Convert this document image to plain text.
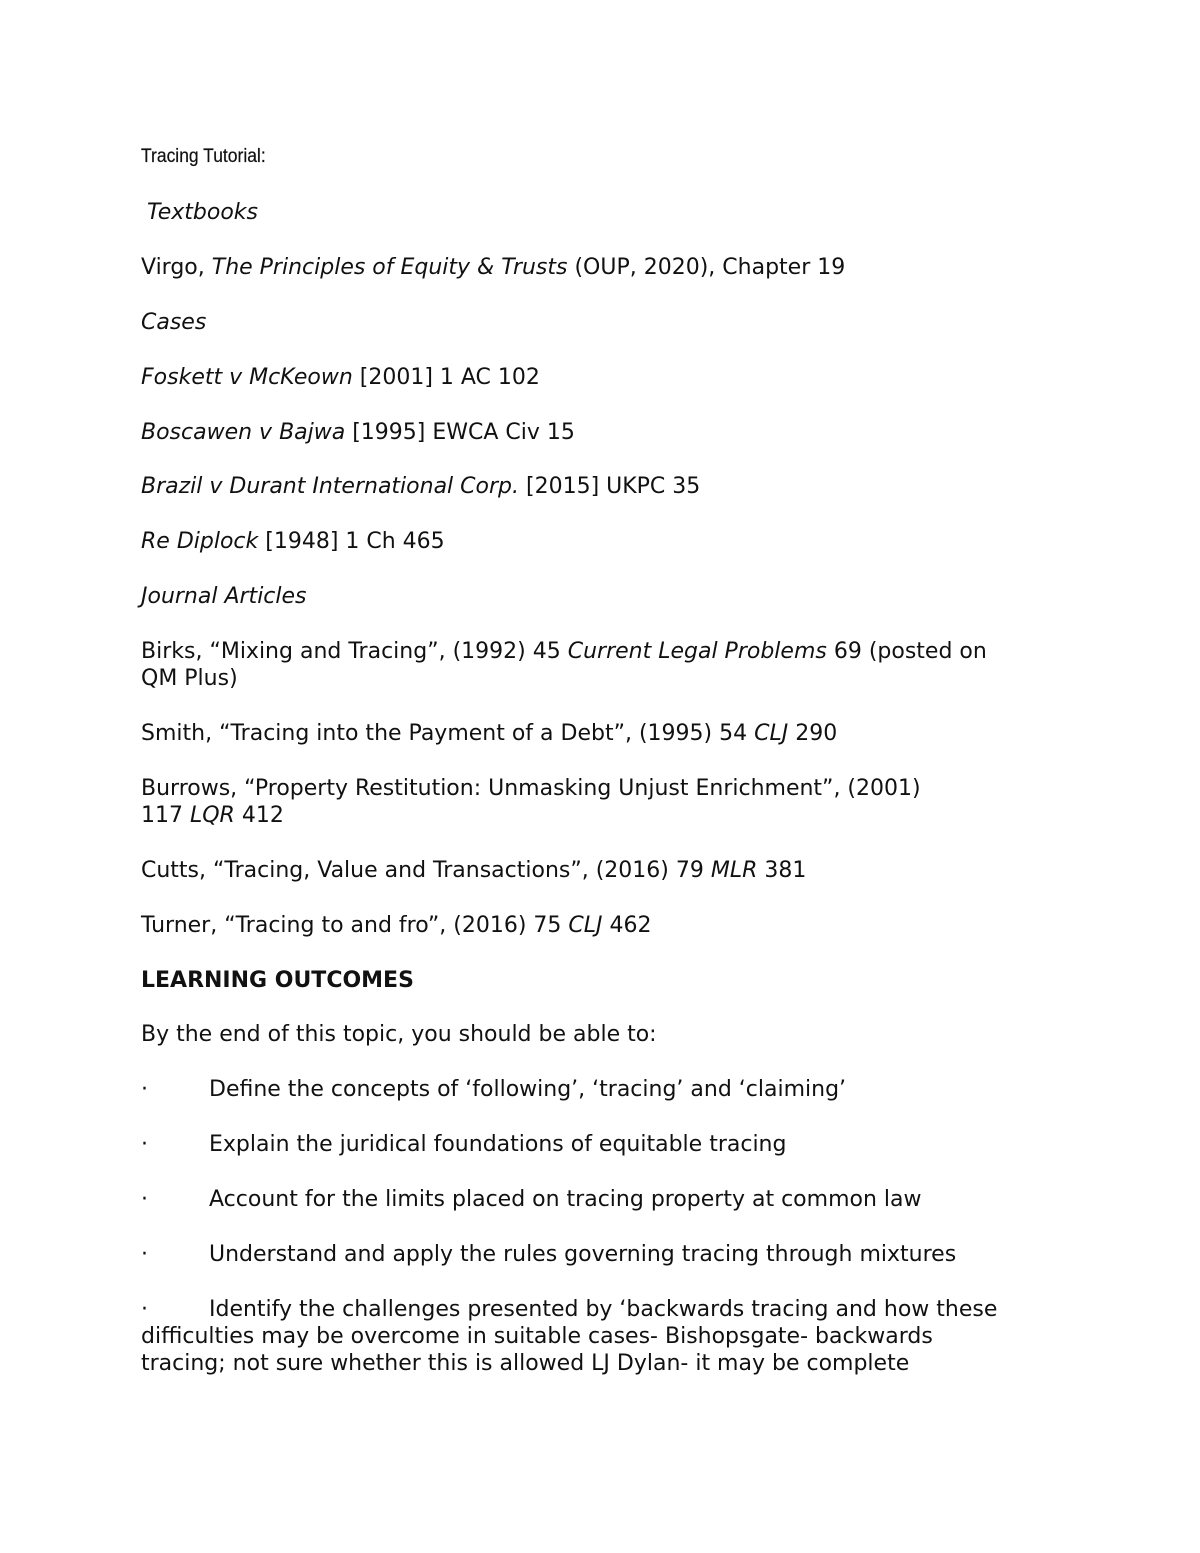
Tracing Tutorial:
Textbooks
Virgo, The Principles of Equity & Trusts (OUP, 2020), Chapter 19
Cases
Foskett v McKeown [2001] 1 AC 102
Boscawen v Bajwa [1995] EWCA Civ 15
Brazil v Durant International Corp. [2015] UKPC 35
Re Diplock [1948] 1 Ch 465
Journal Articles
Birks, “Mixing and Tracing”, (1992) 45 Current Legal Problems 69 (posted on
QM Plus)
Smith, “Tracing into the Payment of a Debt”, (1995) 54 CLJ 290
Burrows, “Property Restitution: Unmasking Unjust Enrichment”, (2001)
117 LQR 412
Cutts, “Tracing, Value and Transactions”, (2016) 79 MLR 381
Turner, “Tracing to and fro”, (2016) 75 CLJ 462
LEARNING OUTCOMES
By the end of this topic, you should be able to:
·	Define the concepts of ‘following’, ‘tracing’ and ‘claiming’
·	Explain the juridical foundations of equitable tracing
·	Account for the limits placed on tracing property at common law
·	Understand and apply the rules governing tracing through mixtures
·	Identify the challenges presented by ‘backwards tracing and how these
difficulties may be overcome in suitable cases- Bishopsgate- backwards
tracing; not sure whether this is allowed LJ Dylan- it may be complete
